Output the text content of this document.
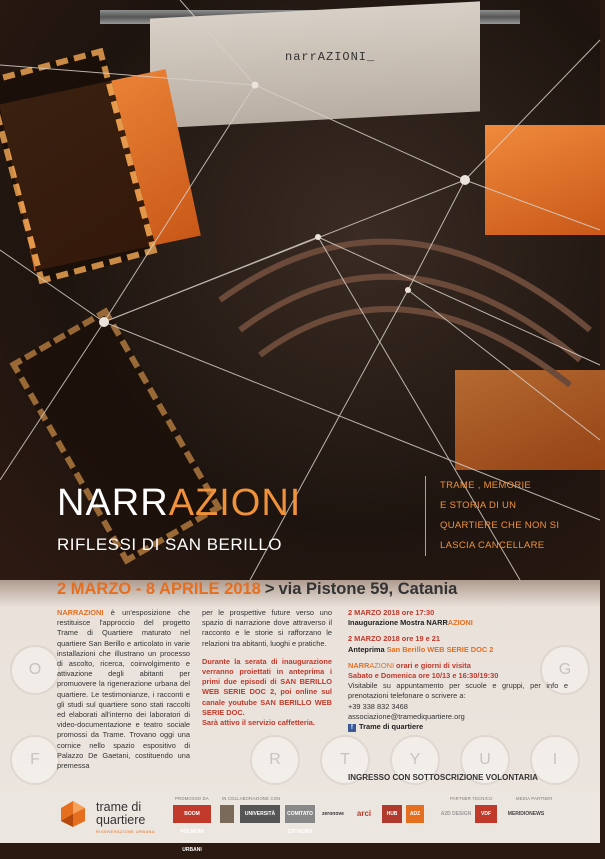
narrAZIONI_
NARRAZIONI
RIFLESSI DI SAN BERILLO
TRAME , MEMORIE
E STORIA DI UN
QUARTIERE CHE NON SI
LASCIA CANCELLARE
R	T	Y	U	I
O
F
G
2 MARZO - 8 APRILE 2018 > via Pistone 59, Catania
NARRAZIONI è un'esposizione che restituisce l'approccio del progetto Trame di Quartiere maturato nel quartiere San Berillo e articolato in varie installazioni che illustrano un processo di ascolto, ricerca, coinvolgimento e attivazione degli abitanti per promuovere la rigenerazione urbana del quartiere. Le testimonianze, i racconti e gli studi sul quartiere sono stati raccolti ed elaborati all'interno dei laboratori di video-documentazione e teatro sociale promossi da Trame. Trovano oggi una cornice nello spazio espositivo di Palazzo De Gaetani, costituendo una premessa
per le prospettive future verso uno spazio di narrazione dove attraverso il racconto e le storie si rafforzano le relazioni tra abitanti, luoghi e pratiche.
Durante la serata di inaugurazione verranno proiettati in anteprima i primi due episodi di SAN BERILLO WEB SERIE DOC 2, poi online sul canale youtube SAN BERILLO WEB SERIE DOC.
Sarà attivo il servizio caffetteria.
2 MARZO 2018 ore 17:30
Inaugurazione Mostra NARRAZIONI
2 MARZO 2018 ore 19 e 21
Anteprima San Berillo WEB SERIE DOC 2
NARRAZIONI orari e giorni di visita
Sabato e Domenica ore 10/13 e 16:30/19:30
Visitabile su appuntamento per scuole e gruppi, per info e prenotazioni telefonare o scrivere a:
+39 338 832 3468
associazione@tramediquartiere.org
f Trame di quartiere
INGRESSO CON SOTTOSCRIZIONE VOLONTARIA
trame di
quartiere
RIGENERAZIONE URBANA
PROMOSSO DA	IN COLLABORAZIONE CON	PARTNER TECNICO	MEDIA PARTNER
BOOM POLMONI URBANI
UNIVERSITÀ	COMITATO CITTADINI
zeronove	arci	HUB	ADZ	A2D DESIGN	VDF	MERIDIONEWS
